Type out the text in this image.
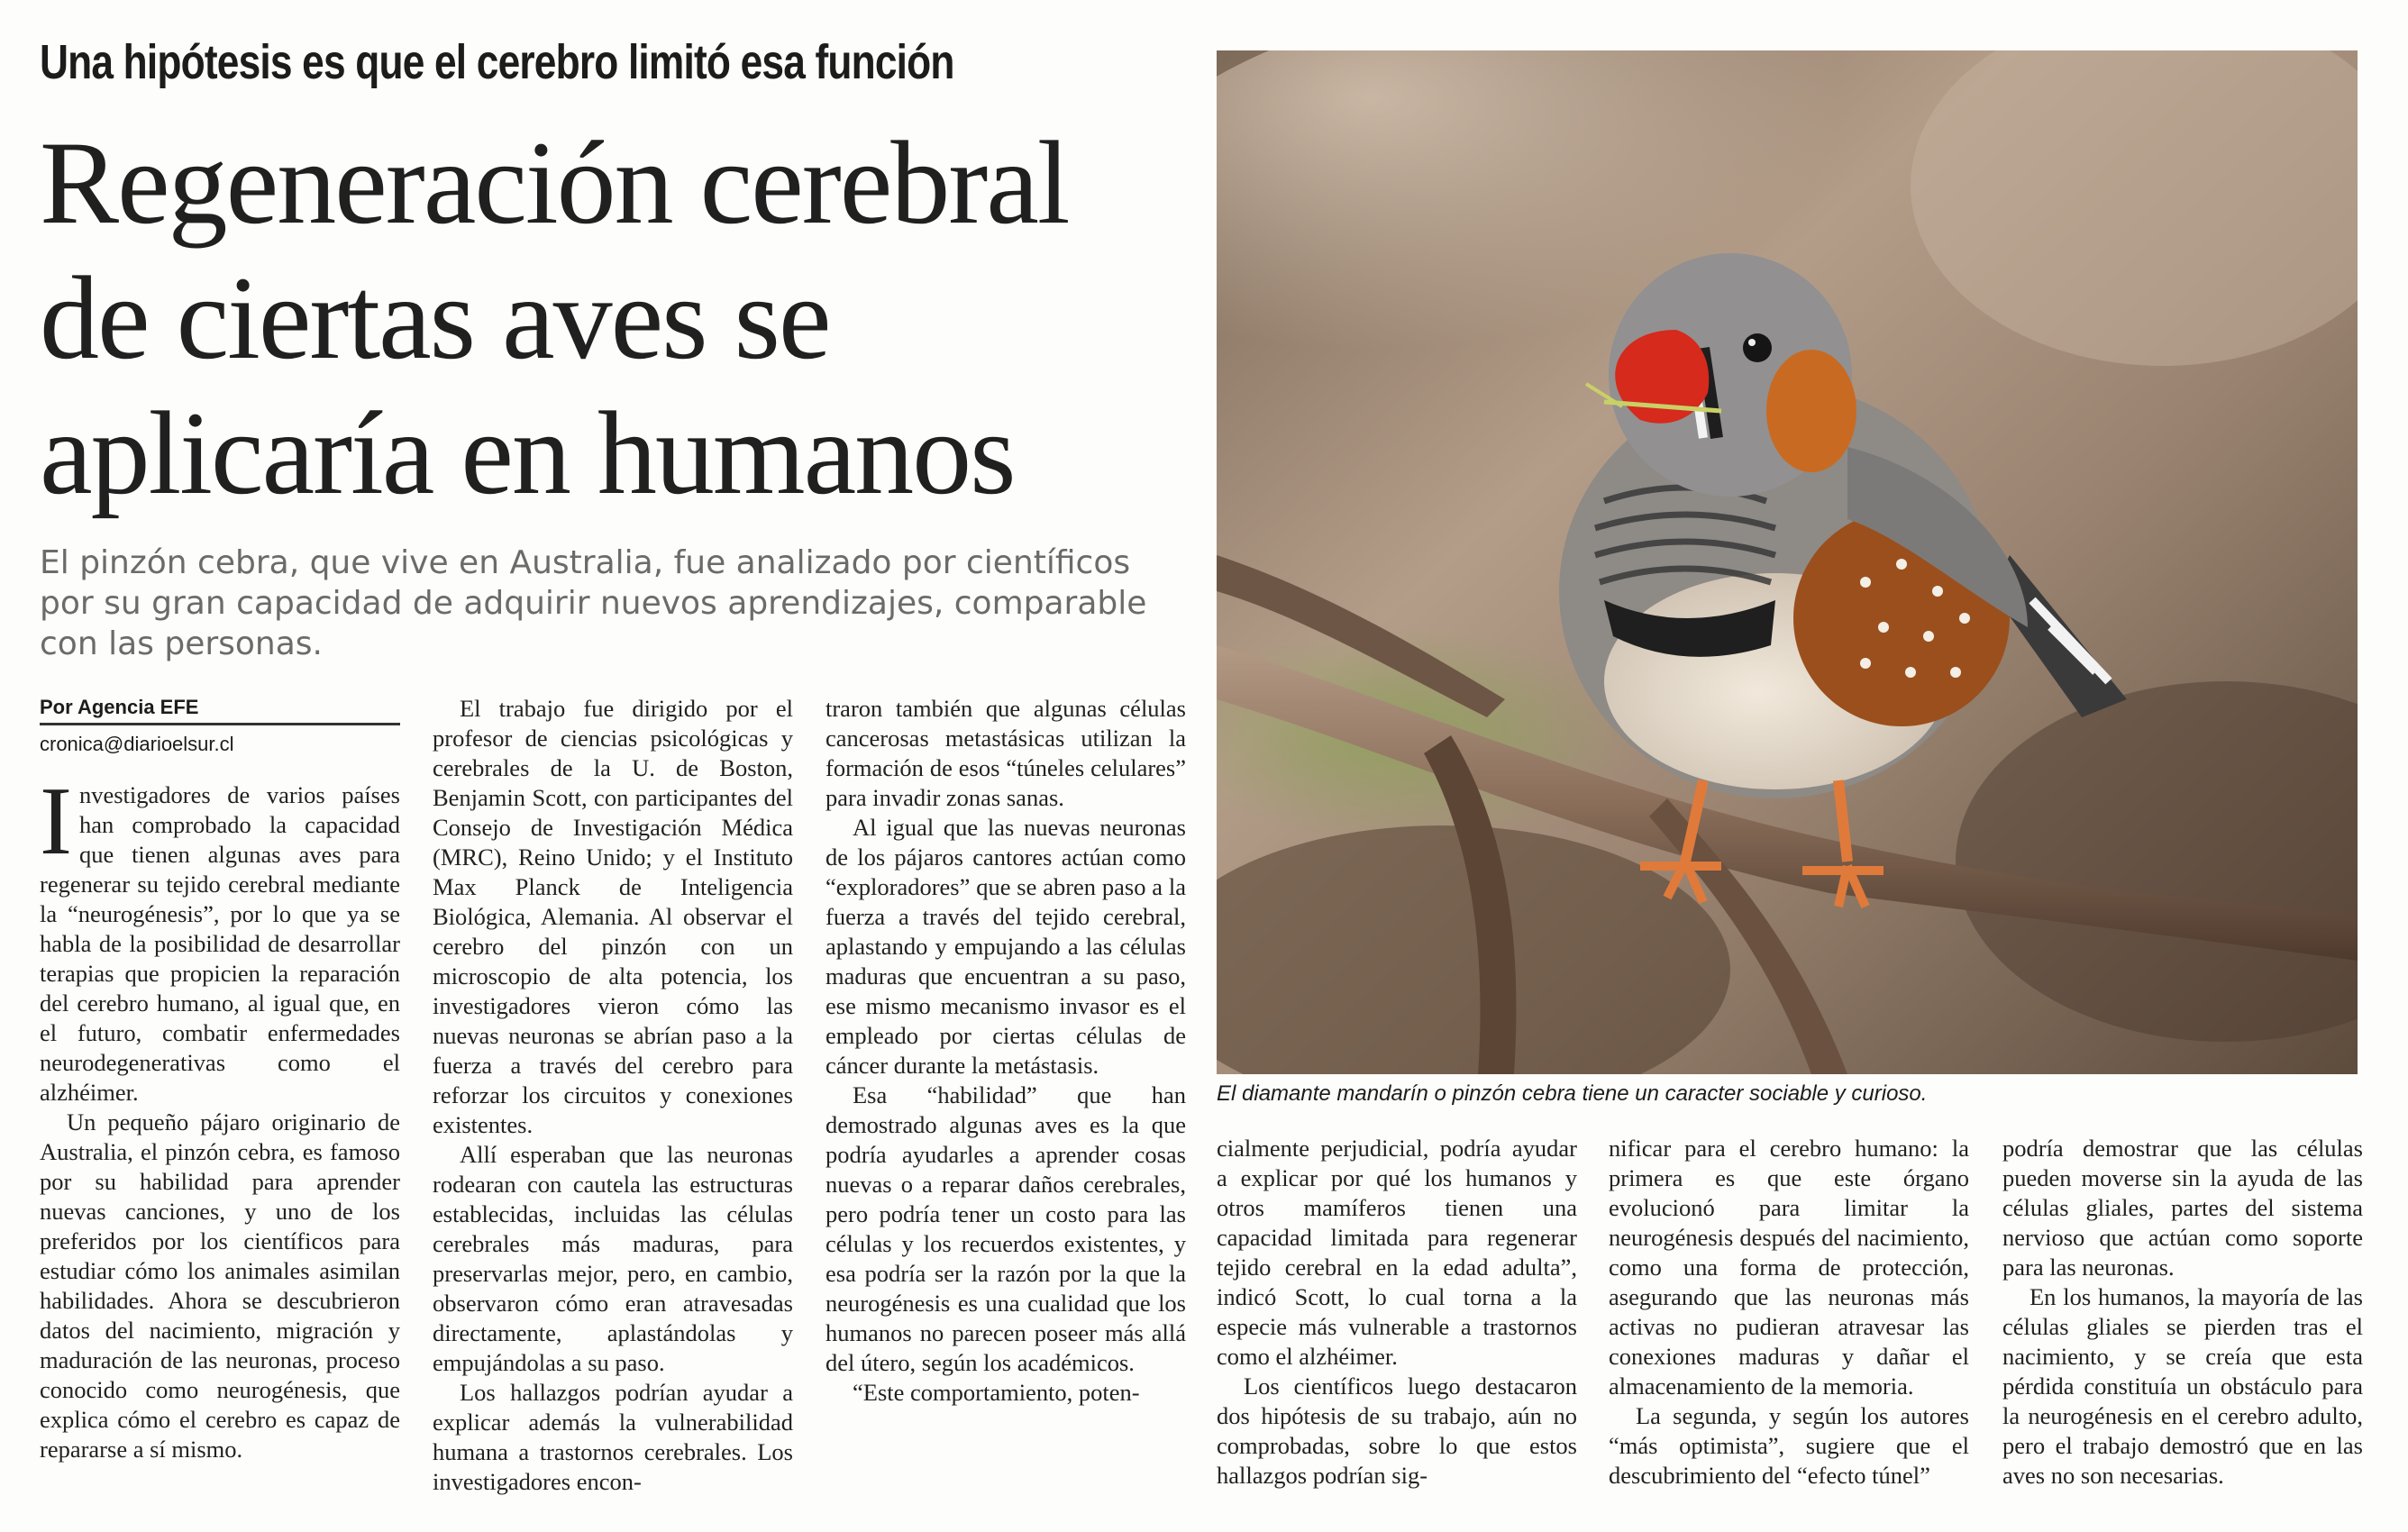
Una hipótesis es que el cerebro limitó esa función
Regeneración cerebral
de ciertas aves se
aplicaría en humanos
El pinzón cebra, que vive en Australia, fue analizado por científicos por su gran capacidad de adquirir nuevos aprendizajes, comparable con las personas.
Por Agencia EFE
cronica@diarioelsur.cl
I nvestigadores de varios países han comprobado la capacidad que tienen algunas aves para regenerar su tejido cerebral mediante la “neurogénesis”, por lo que ya se habla de la posibilidad de desarrollar terapias que propicien la reparación del cerebro humano, al igual que, en el futuro, combatir enfermedades neurodegenerativas como el alzhéimer.

Un pequeño pájaro originario de Australia, el pinzón cebra, es famoso por su habilidad para aprender nuevas canciones, y uno de los preferidos por los científicos para estudiar cómo los animales asimilan habilidades. Ahora se descubrieron datos del nacimiento, migración y maduración de las neuronas, proceso conocido como neurogénesis, que explica cómo el cerebro es capaz de repararse a sí mismo.

El trabajo fue dirigido por el profesor de ciencias psicológicas y cerebrales de la U. de Boston, Benjamin Scott, con participantes del Consejo de Investigación Médica (MRC), Reino Unido; y el Instituto Max Planck de Inteligencia Biológica, Alemania. Al observar el cerebro del pinzón con un microscopio de alta potencia, los investigadores vieron cómo las nuevas neuronas se abrían paso a la fuerza a través del cerebro para reforzar los circuitos y conexiones existentes.

Allí esperaban que las neuronas rodearan con cautela las estructuras establecidas, incluidas las células cerebrales más maduras, para preservarlas mejor, pero, en cambio, observaron cómo eran atravesadas directamente, aplastándolas y empujándolas a su paso.

Los hallazgos podrían ayudar a explicar además la vulnerabilidad humana a trastornos cerebrales. Los investigadores encon-

traron también que algunas células cancerosas metastásicas utilizan la formación de esos “túneles celulares” para invadir zonas sanas.

Al igual que las nuevas neuronas de los pájaros cantores actúan como “exploradores” que se abren paso a la fuerza a través del tejido cerebral, aplastando y empujando a las células maduras que encuentran a su paso, ese mismo mecanismo invasor es el empleado por ciertas células de cáncer durante la metástasis.

Esa “habilidad” que han demostrado algunas aves es la que podría ayudarles a aprender cosas nuevas o a reparar daños cerebrales, pero podría tener un costo para las células y los recuerdos existentes, y esa podría ser la razón por la que la neurogénesis es una cualidad que los humanos no parecen poseer más allá del útero, según los académicos.

“Este comportamiento, poten-

El diamante mandarín o pinzón cebra tiene un caracter sociable y curioso.

cialmente perjudicial, podría ayudar a explicar por qué los humanos y otros mamíferos tienen una capacidad limitada para regenerar tejido cerebral en la edad adulta”, indicó Scott, lo cual torna a la especie más vulnerable a trastornos como el alzhéimer.

Los científicos luego destacaron dos hipótesis de su trabajo, aún no comprobadas, sobre lo que estos hallazgos podrían sig-

nificar para el cerebro humano: la primera es que este órgano evolucionó para limitar la neurogénesis después del nacimiento, como una forma de protección, asegurando que las neuronas más activas no pudieran atravesar las conexiones maduras y dañar el almacenamiento de la memoria.

La segunda, y según los autores “más optimista”, sugiere que el descubrimiento del “efecto túnel”

podría demostrar que las células pueden moverse sin la ayuda de las células gliales, partes del sistema nervioso que actúan como soporte para las neuronas.

En los humanos, la mayoría de las células gliales se pierden tras el nacimiento, y se creía que esta pérdida constituía un obstáculo para la neurogénesis en el cerebro adulto, pero el trabajo demostró que en las aves no son necesarias.
